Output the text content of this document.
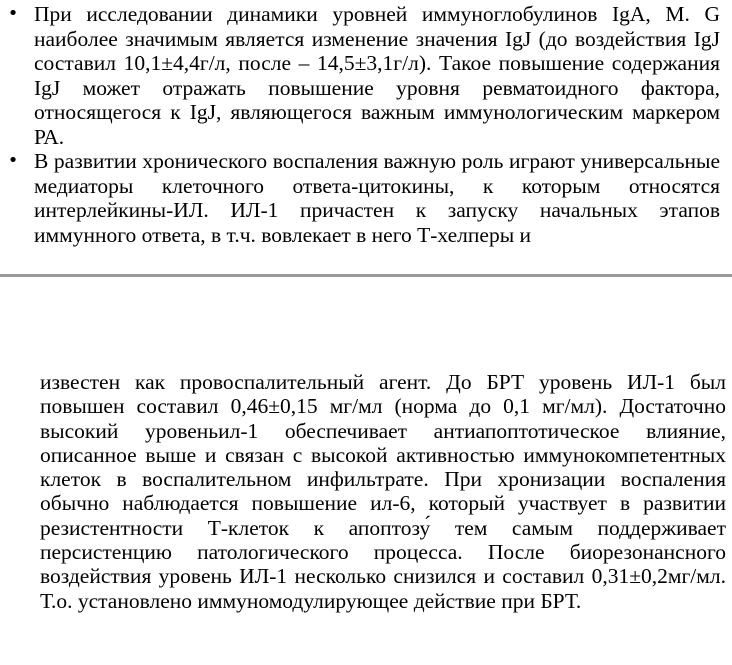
• При исследовании динамики уровней иммуноглобулинов IgA, M. G наиболее значимым является изменение значения IgJ (до воздействия IgJ составил 10,1±4,4г/л, после – 14,5±3,1г/л). Такое повышение содержания IgJ может отражать повышение уровня ревматоидного фактора, относящегося к IgJ, являющегося важным иммунологическим маркером РА.
• В развитии хронического воспаления важную роль играют универсальные медиаторы клеточного ответа-цитокины, к которым относятся интерлейкины-ИЛ. ИЛ-1 причастен к запуску начальных этапов иммунного ответа, в т.ч. вовлекает в него Т-хелперы и

известен как провоспалительный агент. До БРТ уровень ИЛ-1 был повышен составил 0,46±0,15 мг/мл (норма до 0,1 мг/мл). Достаточно высокий уровеньил-1 обеспечивает антиапоптотическое влияние, описанное выше и связан с высокой активностью иммунокомпетентных клеток в воспалительном инфильтрате. При хронизации воспаления обычно наблюдается повышение ил-6, который участвует в развитии резистентности Т-клеток к апоптозу́ тем самым поддерживает персистенцию патологического процесса. После биорезонансного воздействия уровень ИЛ-1 несколько снизился и составил 0,31±0,2мг/мл. Т.о. установлено иммуномодулирующее действие при БРТ.
